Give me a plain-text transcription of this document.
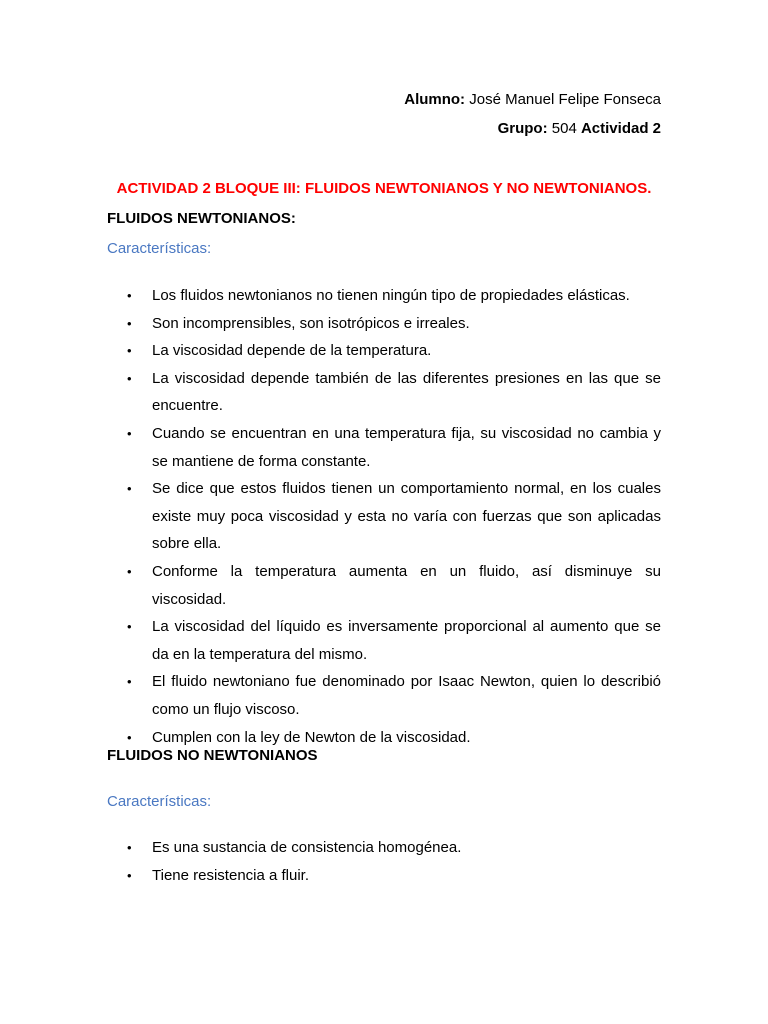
Alumno: José Manuel Felipe Fonseca
Grupo: 504 Actividad 2
ACTIVIDAD 2 BLOQUE III: FLUIDOS NEWTONIANOS Y NO NEWTONIANOS.
FLUIDOS NEWTONIANOS:
Características:
• Los fluidos newtonianos no tienen ningún tipo de propiedades elásticas.
• Son incomprensibles, son isotrópicos e irreales.
• La viscosidad depende de la temperatura.
• La viscosidad depende también de las diferentes presiones en las que se encuentre.
• Cuando se encuentran en una temperatura fija, su viscosidad no cambia y se mantiene de forma constante.
• Se dice que estos fluidos tienen un comportamiento normal, en los cuales existe muy poca viscosidad y esta no varía con fuerzas que son aplicadas sobre ella.
• Conforme la temperatura aumenta en un fluido, así disminuye su viscosidad.
• La viscosidad del líquido es inversamente proporcional al aumento que se da en la temperatura del mismo.
• El fluido newtoniano fue denominado por Isaac Newton, quien lo describió como un flujo viscoso.
• Cumplen con la ley de Newton de la viscosidad.
FLUIDOS NO NEWTONIANOS
Características:
• Es una sustancia de consistencia homogénea.
• Tiene resistencia a fluir.
